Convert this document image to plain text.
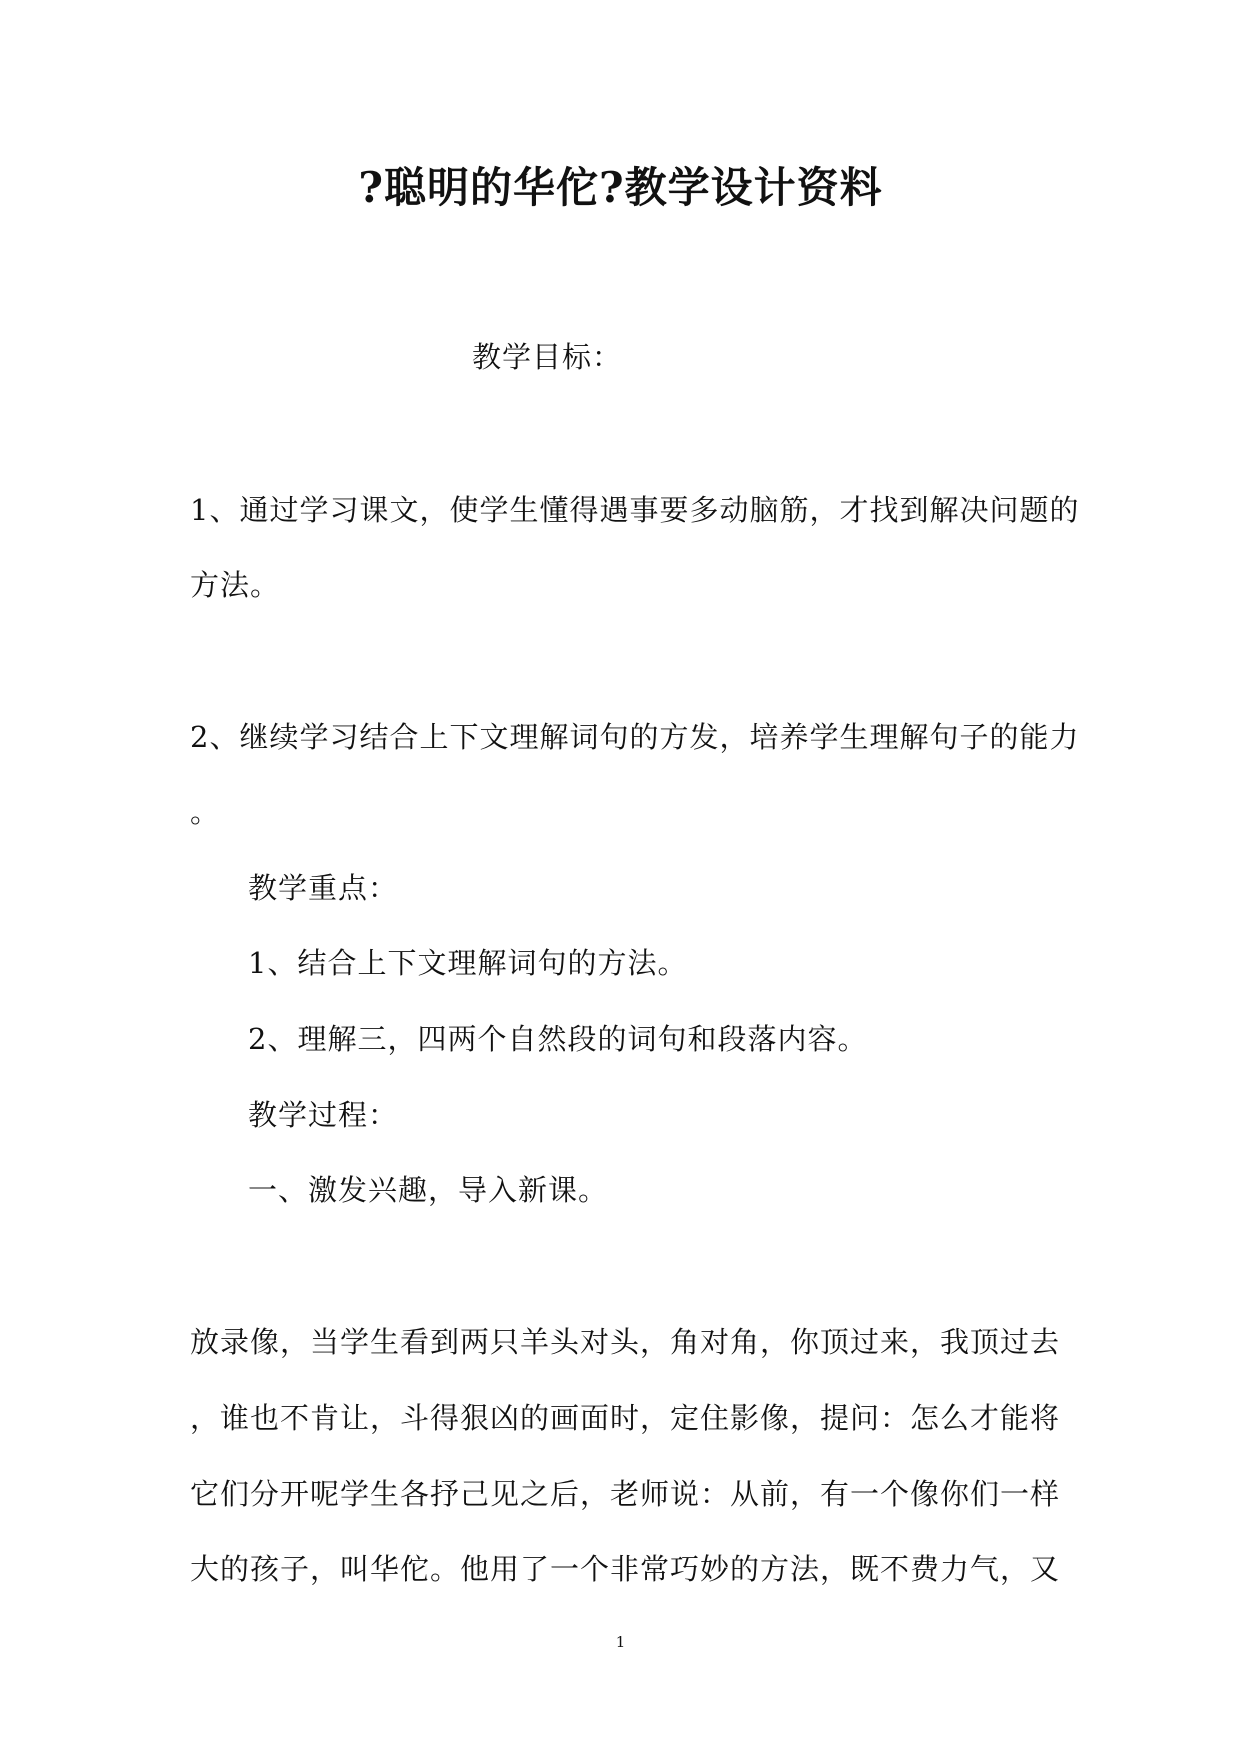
?聪明的华佗?教学设计资料
教学目标：
1、通过学习课文，使学生懂得遇事要多动脑筋，才找到解决问题的
方法。
2、继续学习结合上下文理解词句的方发，培养学生理解句子的能力
。
教学重点：
1、结合上下文理解词句的方法。
2、理解三，四两个自然段的词句和段落内容。
教学过程：
一、激发兴趣，导入新课。
放录像，当学生看到两只羊头对头，角对角，你顶过来，我顶过去
，谁也不肯让，斗得狠凶的画面时，定住影像，提问：怎么才能将
它们分开呢学生各抒己见之后，老师说：从前，有一个像你们一样
大的孩子，叫华佗。他用了一个非常巧妙的方法，既不费力气，又
1
